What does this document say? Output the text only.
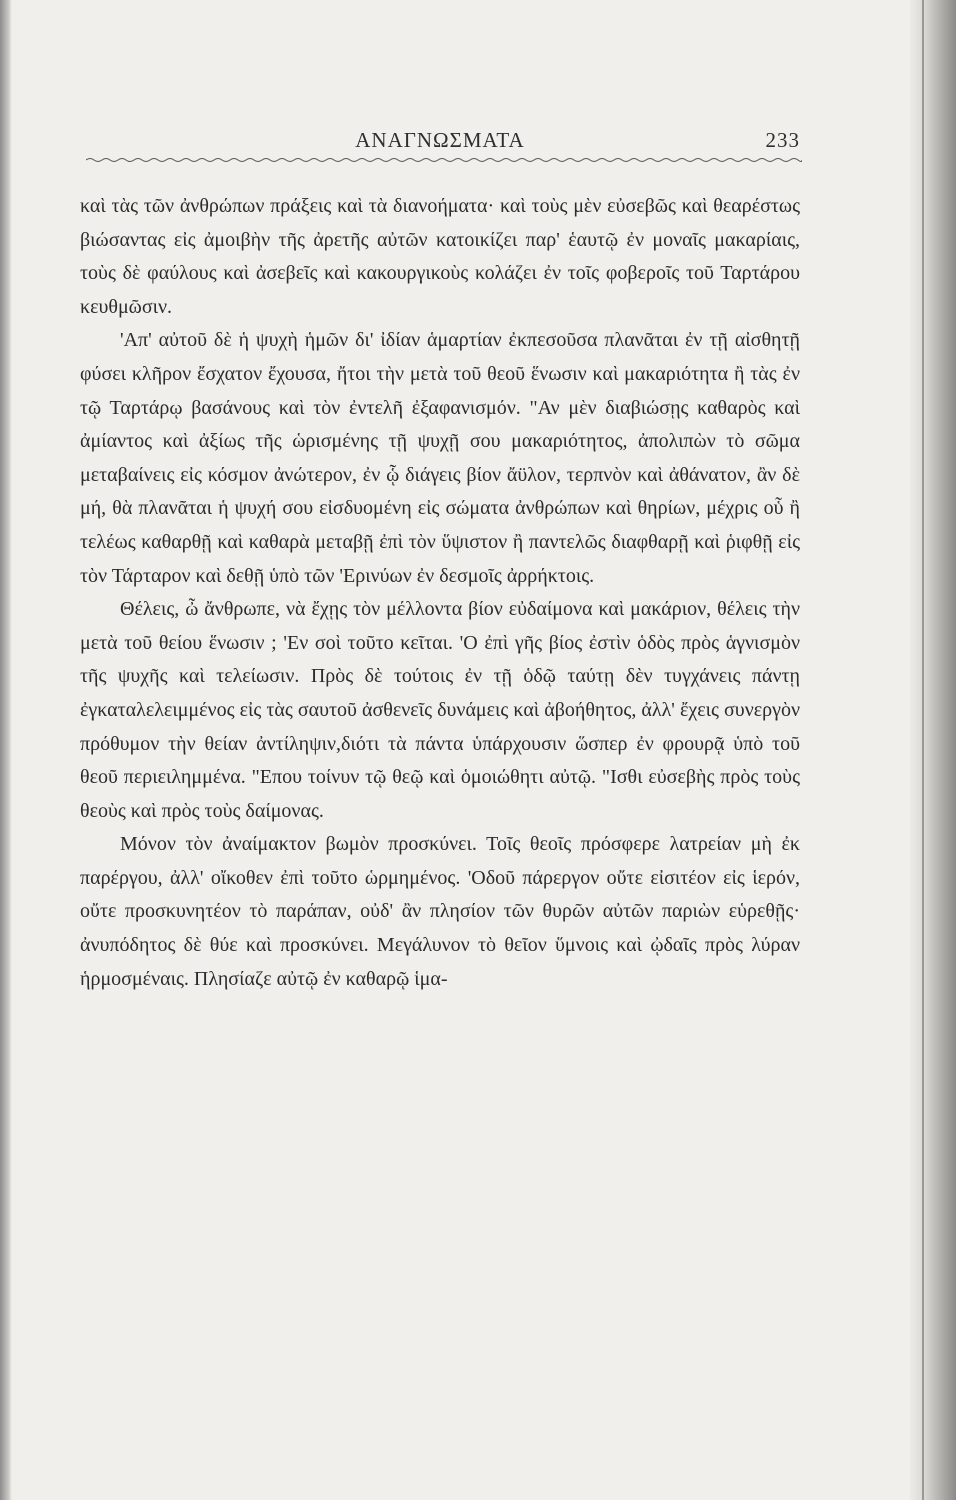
ΑΝΑΓΝΩΣΜΑΤΑ	233

καὶ τὰς τῶν ἀνθρώπων πράξεις καὶ τὰ διανοήματα· καὶ τοὺς μὲν εὐσεβῶς καὶ θεαρέστως βιώσαντας εἰς ἀμοιβὴν τῆς ἀρετῆς αὐτῶν κατοικίζει παρ' ἑαυτῷ ἐν μοναῖς μακαρίαις, τοὺς δὲ φαύλους καὶ ἀσεβεῖς καὶ κακουργικοὺς κολάζει ἐν τοῖς φοβεροῖς τοῦ Ταρτάρου κευθμῶσιν.

'Απ' αὐτοῦ δὲ ἡ ψυχὴ ἡμῶν δι' ἰδίαν ἁμαρτίαν ἐκπεσοῦσα πλανᾶται ἐν τῇ αἰσθητῇ φύσει κλῆρον ἔσχατον ἔχουσα, ἤτοι τὴν μετὰ τοῦ θεοῦ ἕνωσιν καὶ μακαριότητα ἢ τὰς ἐν τῷ Ταρτάρῳ βασάνους καὶ τὸν ἐντελῆ ἐξαφανισμόν. "Αν μὲν διαβιώσῃς καθαρὸς καὶ ἀμίαντος καὶ ἀξίως τῆς ὡρισμένης τῇ ψυχῇ σου μακαριότητος, ἀπολιπὼν τὸ σῶμα μεταβαίνεις εἰς κόσμον ἀνώτερον, ἐν ᾧ διάγεις βίον ἄϋλον, τερπνὸν καὶ ἀθάνατον, ἂν δὲ μή, θὰ πλανᾶται ἡ ψυχή σου εἰσδυομένη εἰς σώματα ἀνθρώπων καὶ θηρίων, μέχρις οὗ ἢ τελέως καθαρθῇ καὶ καθαρὰ μεταβῇ ἐπὶ τὸν ὕψιστον ἢ παντελῶς διαφθαρῇ καὶ ῥιφθῇ εἰς τὸν Τάρταρον καὶ δεθῇ ὑπὸ τῶν 'Ερινύων ἐν δεσμοῖς ἀρρήκτοις.

Θέλεις, ὦ ἄνθρωπε, νὰ ἔχῃς τὸν μέλλοντα βίον εὐδαίμονα καὶ μακάριον, θέλεις τὴν μετὰ τοῦ θείου ἕνωσιν ; 'Εν σοὶ τοῦτο κεῖται. 'Ο ἐπὶ γῆς βίος ἐστὶν ὁδὸς πρὸς ἁγνισμὸν τῆς ψυχῆς καὶ τελείωσιν. Πρὸς δὲ τούτοις ἐν τῇ ὁδῷ ταύτῃ δὲν τυγχάνεις πάντῃ ἐγκαταλελειμμένος εἰς τὰς σαυτοῦ ἀσθενεῖς δυνάμεις καὶ ἀβοήθητος, ἀλλ' ἔχεις συνεργὸν πρόθυμον τὴν θείαν ἀντίληψιν,διότι τὰ πάντα ὑπάρχουσιν ὥσπερ ἐν φρουρᾷ ὑπὸ τοῦ θεοῦ περιειλημμένα. "Επου τοίνυν τῷ θεῷ καὶ ὁμοιώθητι αὐτῷ. "Ισθι εὐσεβὴς πρὸς τοὺς θεοὺς καὶ πρὸς τοὺς δαίμονας.

Μόνον τὸν ἀναίμακτον βωμὸν προσκύνει. Τοῖς θεοῖς πρόσφερε λατρείαν μὴ ἐκ παρέργου, ἀλλ' οἴκοθεν ἐπὶ τοῦτο ὡρμημένος. 'Οδοῦ πάρεργον οὔτε εἰσιτέον εἰς ἱερόν, οὔτε προσκυνητέον τὸ παράπαν, οὐδ' ἂν πλησίον τῶν θυρῶν αὐτῶν παριὼν εὑρεθῇς· ἀνυπόδητος δὲ θύε καὶ προσκύνει. Μεγάλυνον τὸ θεῖον ὕμνοις καὶ ᾠδαῖς πρὸς λύραν ἡρμοσμέναις. Πλησίαζε αὐτῷ ἐν καθαρῷ ἱμα-
